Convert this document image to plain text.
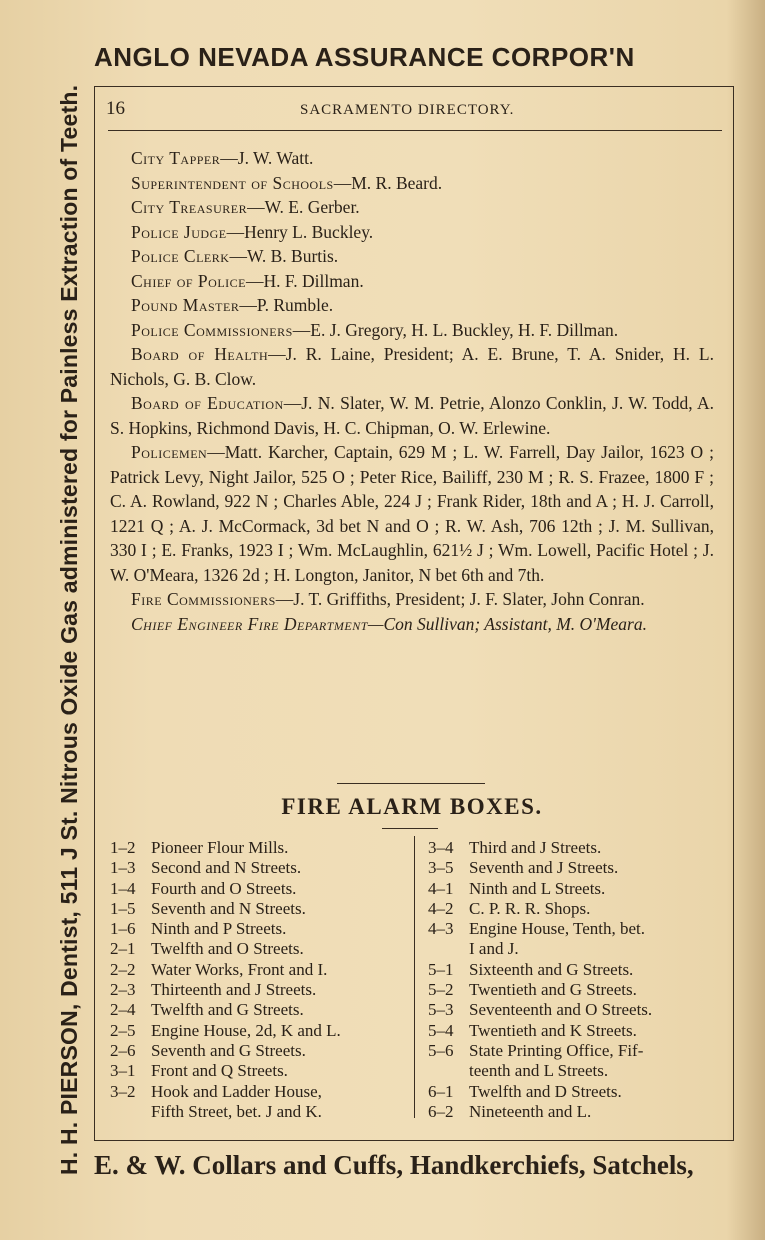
ANGLO NEVADA ASSURANCE CORPOR'N
H. H. PIERSON, Dentist, 511 J St. Nitrous Oxide Gas administered for Painless Extraction of Teeth. 16	SACRAMENTO DIRECTORY.

City Tapper—J. W. Watt.

Superintendent of Schools—M. R. Beard.

City Treasurer—W. E. Gerber.

Police Judge—Henry L. Buckley.

Police Clerk—W. B. Burtis.

Chief of Police—H. F. Dillman.

Pound Master—P. Rumble.

Police Commissioners—E. J. Gregory, H. L. Buckley, H. F. Dillman.

Board of Health—J. R. Laine, President; A. E. Brune, T. A. Snider, H. L. Nichols, G. B. Clow.

Board of Education—J. N. Slater, W. M. Petrie, Alonzo Conklin, J. W. Todd, A. S. Hopkins, Richmond Davis, H. C. Chipman, O. W. Erlewine.

Policemen—Matt. Karcher, Captain, 629 M ; L. W. Farrell, Day Jailor, 1623 O ; Patrick Levy, Night Jailor, 525 O ; Peter Rice, Bailiff, 230 M ; R. S. Frazee, 1800 F ; C. A. Rowland, 922 N ; Charles Able, 224 J ; Frank Rider, 18th and A ; H. J. Carroll, 1221 Q ; A. J. McCormack, 3d bet N and O ; R. W. Ash, 706 12th ; J. M. Sullivan, 330 I ; E. Franks, 1923 I ; Wm. McLaughlin, 621½ J ; Wm. Lowell, Pacific Hotel ; J. W. O'Meara, 1326 2d ; H. Longton, Janitor, N bet 6th and 7th.

Fire Commissioners—J. T. Griffiths, President; J. F. Slater, John Conran.

Chief Engineer Fire Department—Con Sullivan; Assistant, M. O'Meara.

FIRE ALARM BOXES.
1–2 Pioneer Flour Mills.
1–3 Second and N Streets.
1–4 Fourth and O Streets.
1–5 Seventh and N Streets.
1–6 Ninth and P Streets.
2–1 Twelfth and O Streets.
2–2 Water Works, Front and I.
2–3 Thirteenth and J Streets.
2–4 Twelfth and G Streets.
2–5 Engine House, 2d, K and L.
2–6 Seventh and G Streets.
3–1 Front and Q Streets.
3–2 Hook and Ladder House,
Fifth Street, bet. J and K.
3–4 Third and J Streets.
3–5 Seventh and J Streets.
4–1 Ninth and L Streets.
4–2 C. P. R. R. Shops.
4–3 Engine House, Tenth, bet.
I and J.
5–1 Sixteenth and G Streets.
5–2 Twentieth and G Streets.
5–3 Seventeenth and O Streets.
5–4 Twentieth and K Streets.
5–6 State Printing Office, Fif-
teenth and L Streets.
6–1 Twelfth and D Streets.
6–2 Nineteenth and L.
E. & W. Collars and Cuffs, Handkerchiefs, Satchels,
